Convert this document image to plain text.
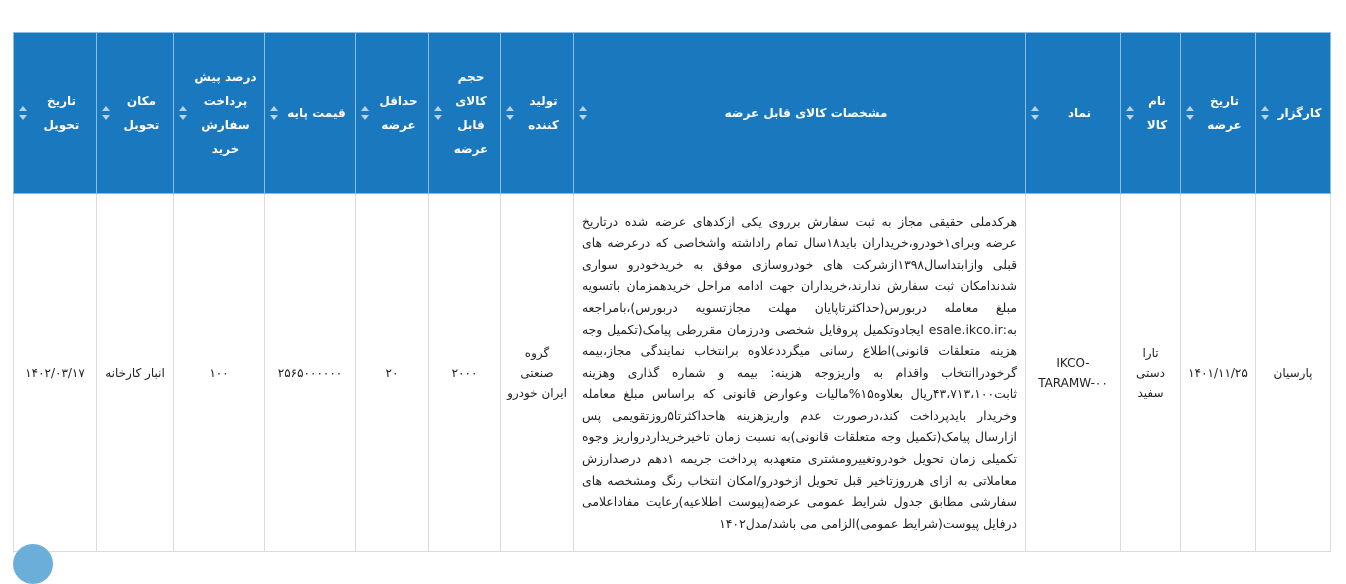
کارگزار	تاریخ عرضه	نام کالا	نماد	مشخصات کالای قابل عرضه	تولید کننده	حجم کالای قابل عرضه	حداقل عرضه	قیمت پایه	درصد پیش پرداخت سفارش خرید	مکان تحویل	تاریخ تحویل

پارسیان	۱۴۰۱/۱۱/۲۵	تارا دستی سفید	IKCO-TARAMW-۰۰	هرکدملی حقیقی مجاز به ثبت سفارش برروی یکی ازکدهای عرضه شده درتاریخ عرضه وبرای۱خودرو،خریداران باید۱۸سال تمام راداشته واشخاصی که درعرضه های قبلی وازابتداسال۱۳۹۸ازشرکت های خودروسازی موفق به خریدخودرو سواری شدندامکان ثبت سفارش ندارند،خریداران جهت ادامه مراحل خریدهمزمان باتسویه مبلغ معامله دربورس(حداکثرتاپایان مهلت مجازتسویه دربورس)،بامراجعه به:esale.ikco.ir ایجادوتکمیل پروفایل شخصی ودرزمان مقررطی پیامک(تکمیل وجه هزینه متعلقات قانونی)اطلاع رسانی میگرددعلاوه برانتخاب نمایندگی مجاز،بیمه گرخودراانتخاب واقدام به واریزوجه هزینه: بیمه و شماره گذاری وهزینه ثابت۴۳،۷۱۳،۱۰۰ریال بعلاوه۱۵%مالیات وعوارض قانونی که براساس مبلغ معامله وخریدار بایدپرداخت کند،درصورت عدم واریزهزینه هاحداکثرتا۵روزتقویمی پس ازارسال پیامک(تکمیل وجه متعلقات قانونی)به نسبت زمان تاخیرخریداردرواریز وجوه تکمیلی زمان تحویل خودروتغییرومشتری متعهدبه پرداخت جریمه ۱دهم درصدارزش معاملاتی به ازای هرروزتاخیر قبل تحویل ازخودرو/امکان انتخاب رنگ ومشخصه های سفارشی مطابق جدول شرایط عمومی عرضه(پیوست اطلاعیه)رعایت مفاداعلامی درفایل پیوست(شرایط عمومی)الزامی می باشد/مدل۱۴۰۲	گروه صنعتی ایران خودرو	۲۰۰۰	۲۰	۲۵۶۵۰۰۰۰۰۰	۱۰۰	انبار کارخانه	۱۴۰۲/۰۳/۱۷
